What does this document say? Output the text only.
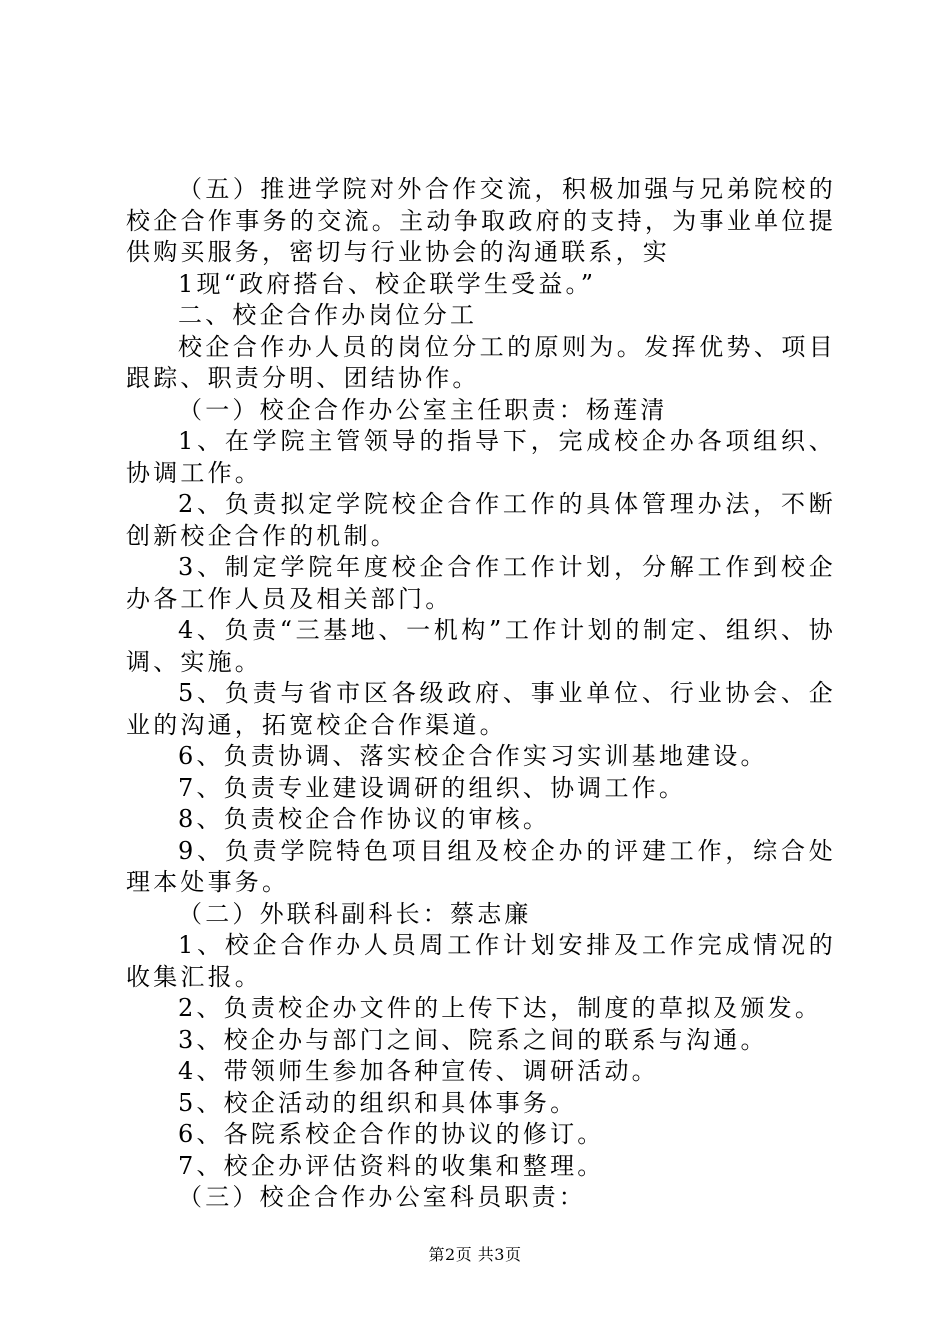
（五）推进学院对外合作交流，积极加强与兄弟院校的校企合作事务的交流。主动争取政府的支持，为事业单位提供购买服务，密切与行业协会的沟通联系，实

1现“政府搭台、校企联学生受益。”

二、校企合作办岗位分工

校企合作办人员的岗位分工的原则为。发挥优势、项目跟踪、职责分明、团结协作。

（一）校企合作办公室主任职责：杨莲清

1、在学院主管领导的指导下，完成校企办各项组织、协调工作。

2、负责拟定学院校企合作工作的具体管理办法，不断创新校企合作的机制。

3、制定学院年度校企合作工作计划，分解工作到校企办各工作人员及相关部门。

4、负责“三基地、一机构”工作计划的制定、组织、协调、实施。

5、负责与省市区各级政府、事业单位、行业协会、企业的沟通，拓宽校企合作渠道。

6、负责协调、落实校企合作实习实训基地建设。

7、负责专业建设调研的组织、协调工作。

8、负责校企合作协议的审核。

9、负责学院特色项目组及校企办的评建工作，综合处理本处事务。

（二）外联科副科长：蔡志廉

1、校企合作办人员周工作计划安排及工作完成情况的收集汇报。

2、负责校企办文件的上传下达，制度的草拟及颁发。

3、校企办与部门之间、院系之间的联系与沟通。

4、带领师生参加各种宣传、调研活动。

5、校企活动的组织和具体事务。

6、各院系校企合作的协议的修订。

7、校企办评估资料的收集和整理。

（三）校企合作办公室科员职责：

第2页 共3页
